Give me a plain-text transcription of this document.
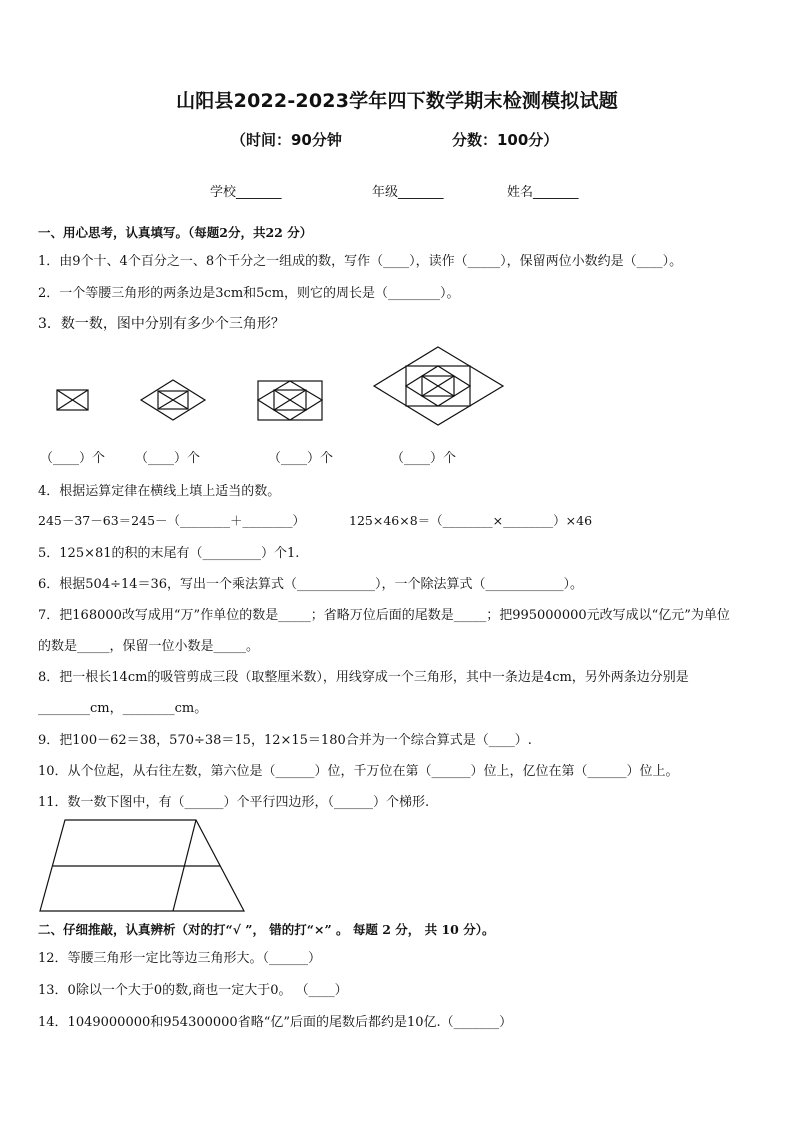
山阳县2022-2023学年四下数学期末检测模拟试题
（时间：90分钟	分数：100分）
学校_______	年级_______	姓名_______
一、用心思考，认真填写。（每题2分，共22 分）
1．由9个十、4个百分之一、8个千分之一组成的数，写作（____），读作（_____），保留两位小数约是（____）。
2．一个等腰三角形的两条边是3cm和5cm，则它的周长是（________）。
3．数一数，图中分别有多少个三角形？
（____）个 （____）个	（____）个	（____）个
4．根据运算定律在横线上填上适当的数。
245－37－63＝245－（________＋________）	125×46×8＝（________×________）×46
5．125×81的积的末尾有（_________）个1.
6．根据504÷14＝36，写出一个乘法算式（____________），一个除法算式（____________）。
7．把168000改写成用“万”作单位的数是_____；省略万位后面的尾数是_____；把995000000元改写成以“亿元”为单位
的数是_____，保留一位小数是_____。
8．把一根长14cm的吸管剪成三段（取整厘米数），用线穿成一个三角形，其中一条边是4cm，另外两条边分别是
________cm，________cm。
9．把100－62＝38，570÷38＝15，12×15＝180合并为一个综合算式是（____）.
10．从个位起，从右往左数，第六位是（______）位，千万位在第（______）位上，亿位在第（______）位上。
11．数一数下图中，有（______）个平行四边形，（______）个梯形.
二、仔细推敲，认真辨析（对的打“√ ”， 错的打“×” 。 每题 2 分， 共 10 分）。
12．等腰三角形一定比等边三角形大。（______）
13．0除以一个大于0的数,商也一定大于0。 （____）
14．1049000000和954300000省略“亿”后面的尾数后都约是10亿.（_______）
